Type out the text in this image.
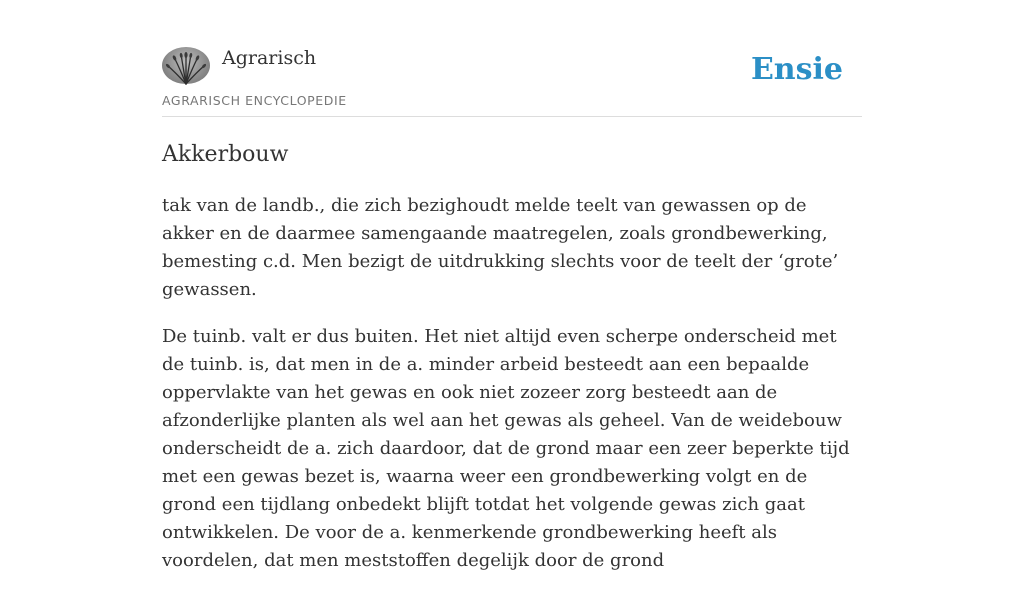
Agrarisch
AGRARISCH ENCYCLOPEDIE
Ensie
Akkerbouw

tak van de landb., die zich bezighoudt melde teelt van gewassen op de akker en de daarmee samengaande maatregelen, zoals grondbewerking, bemesting c.d. Men bezigt de uitdrukking slechts voor de teelt der ‘grote’ gewassen.

De tuinb. valt er dus buiten. Het niet altijd even scherpe onderscheid met de tuinb. is, dat men in de a. minder arbeid besteedt aan een bepaalde oppervlakte van het gewas en ook niet zozeer zorg besteedt aan de afzonderlijke planten als wel aan het gewas als geheel. Van de weidebouw onderscheidt de a. zich daardoor, dat de grond maar een zeer beperkte tijd met een gewas bezet is, waarna weer een grondbewerking volgt en de grond een tijdlang onbedekt blijft totdat het volgende gewas zich gaat ontwikkelen. De voor de a. kenmerkende grondbewerking heeft als voordelen, dat men meststoffen degelijk door de grond
